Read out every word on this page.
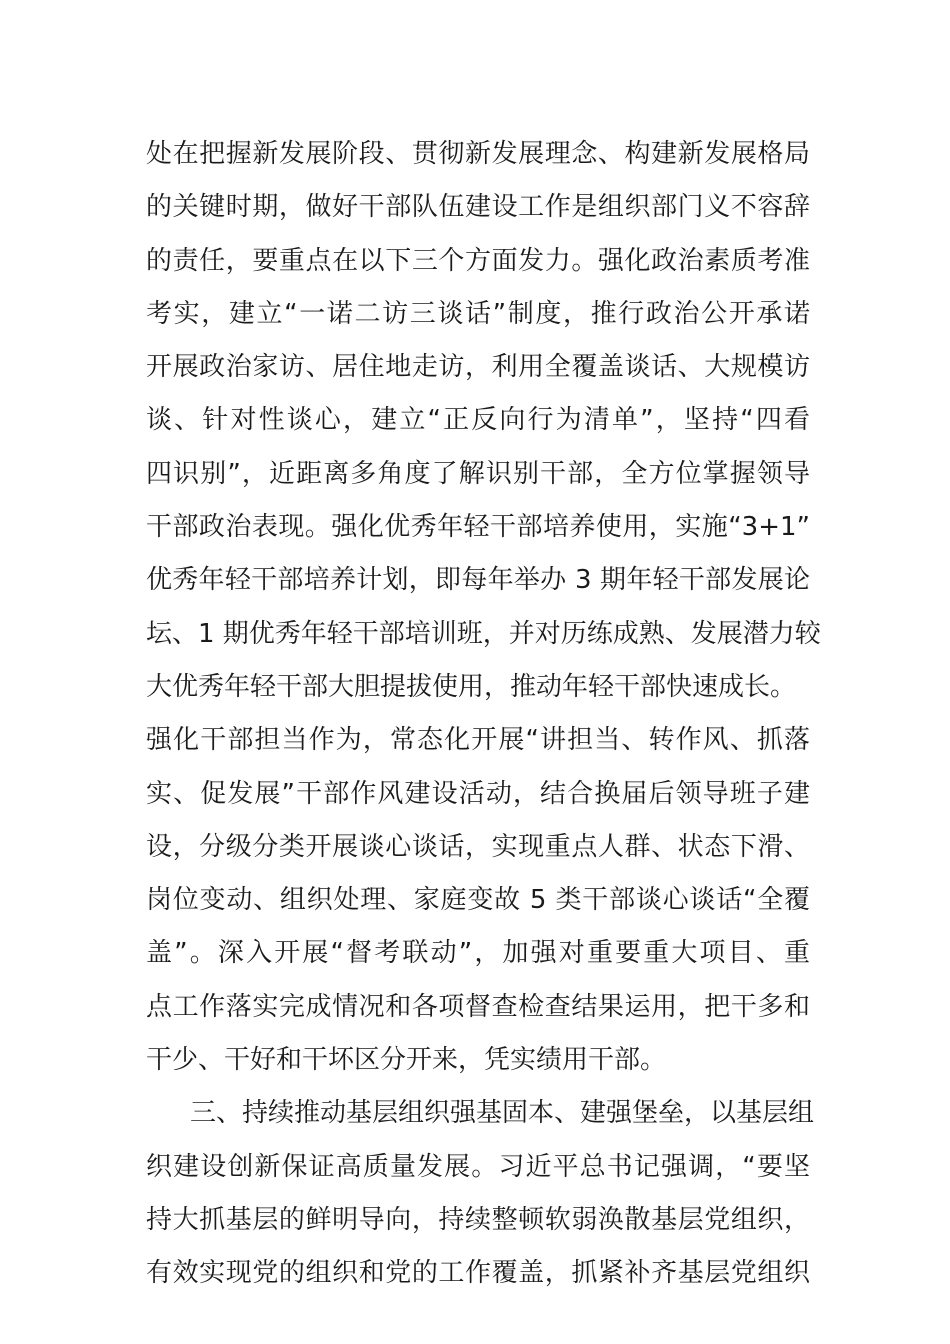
处在把握新发展阶段、贯彻新发展理念、构建新发展格局
的关键时期，做好干部队伍建设工作是组织部门义不容辞
的责任，要重点在以下三个方面发力。强化政治素质考准
考实，建立“一诺二访三谈话”制度，推行政治公开承诺
开展政治家访、居住地走访，利用全覆盖谈话、大规模访
谈、针对性谈心，建立“正反向行为清单”，坚持“四看
四识别”，近距离多角度了解识别干部，全方位掌握领导
干部政治表现。强化优秀年轻干部培养使用，实施“3+1”
优秀年轻干部培养计划，即每年举办 3 期年轻干部发展论
坛、1 期优秀年轻干部培训班，并对历练成熟、发展潜力较
大优秀年轻干部大胆提拔使用，推动年轻干部快速成长。
强化干部担当作为，常态化开展“讲担当、转作风、抓落
实、促发展”干部作风建设活动，结合换届后领导班子建
设，分级分类开展谈心谈话，实现重点人群、状态下滑、
岗位变动、组织处理、家庭变故 5 类干部谈心谈话“全覆
盖”。深入开展“督考联动”，加强对重要重大项目、重
点工作落实完成情况和各项督查检查结果运用，把干多和
干少、干好和干坏区分开来，凭实绩用干部。
三、持续推动基层组织强基固本、建强堡垒，以基层组
织建设创新保证高质量发展。习近平总书记强调，“要坚
持大抓基层的鲜明导向，持续整顿软弱涣散基层党组织，
有效实现党的组织和党的工作覆盖，抓紧补齐基层党组织
